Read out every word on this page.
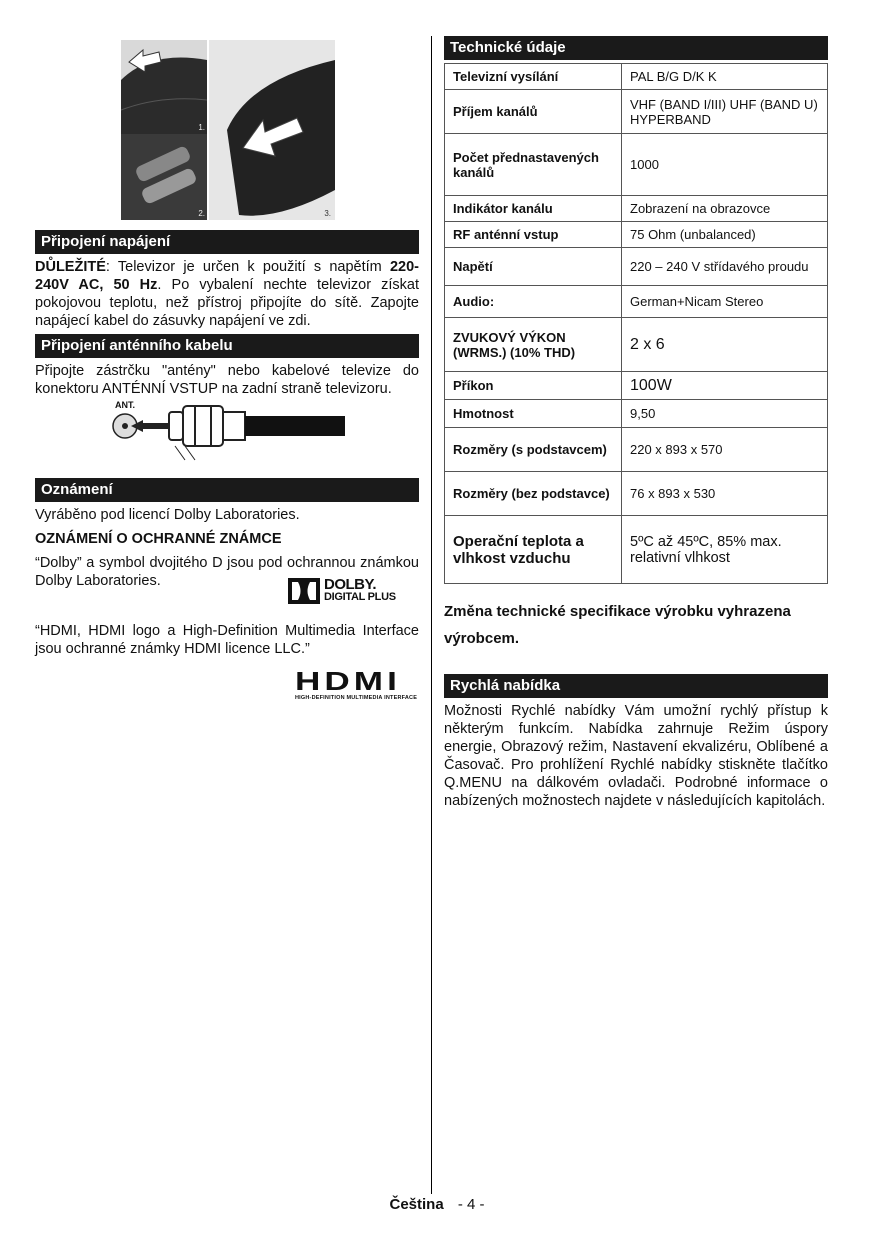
1.
2.	3.
Připojení napájení

DŮLEŽITÉ: Televizor je určen k použití s napětím 220-240V AC, 50 Hz. Po vybalení nechte televizor získat pokojovou teplotu, než přístroj připojíte do sítě. Zapojte napájecí kabel do zásuvky napájení ve zdi.

Připojení anténního kabelu

Připojte zástrčku "antény" nebo kabelové televize do konektoru ANTÉNNÍ VSTUP na zadní straně televizoru.

ANT.
Oznámení

Vyráběno pod licencí Dolby Laboratories.

OZNÁMENÍ O OCHRANNÉ ZNÁMCE

“Dolby” a symbol dvojitého D jsou pod ochrannou známkou Dolby Laboratories.	DOLBY.
DIGITAL PLUS

“HDMI, HDMI logo a High-Definition Multimedia Interface jsou ochranné známky HDMI licence LLC.”

HDMI
HIGH-DEFINITION MULTIMEDIA INTERFACE
Technické údaje
Televizní vysílání	PAL B/G D/K K
Příjem kanálů	VHF (BAND I/III) UHF (BAND U) HYPERBAND
Počet přednastavených kanálů	1000
Indikátor kanálu	Zobrazení na obrazovce
RF anténní vstup	75 Ohm (unbalanced)
Napětí	220 – 240 V střídavého proudu
Audio:	German+Nicam Stereo
ZVUKOVÝ VÝKON (WRMS.) (10% THD)	2 x 6
Příkon	100W
Hmotnost	9,50
Rozměry (s podstavcem)	220 x 893 x 570
Rozměry (bez podstavce)	76 x 893 x 530
Operační teplota a vlhkost vzduchu	5ºC až 45ºC, 85% max. relativní vlhkost

Změna technické specifikace výrobku vyhrazena výrobcem.

Rychlá nabídka

Možnosti Rychlé nabídky Vám umožní rychlý přístup k některým funkcím. Nabídka zahrnuje Režim úspory energie, Obrazový režim, Nastavení ekvalizéru, Oblíbené a Časovač. Pro prohlížení Rychlé nabídky stiskněte tlačítko Q.MENU na dálkovém ovladači. Podrobné informace o nabízených možnostech najdete v následujících kapitolách.

Čeština - 4 -
